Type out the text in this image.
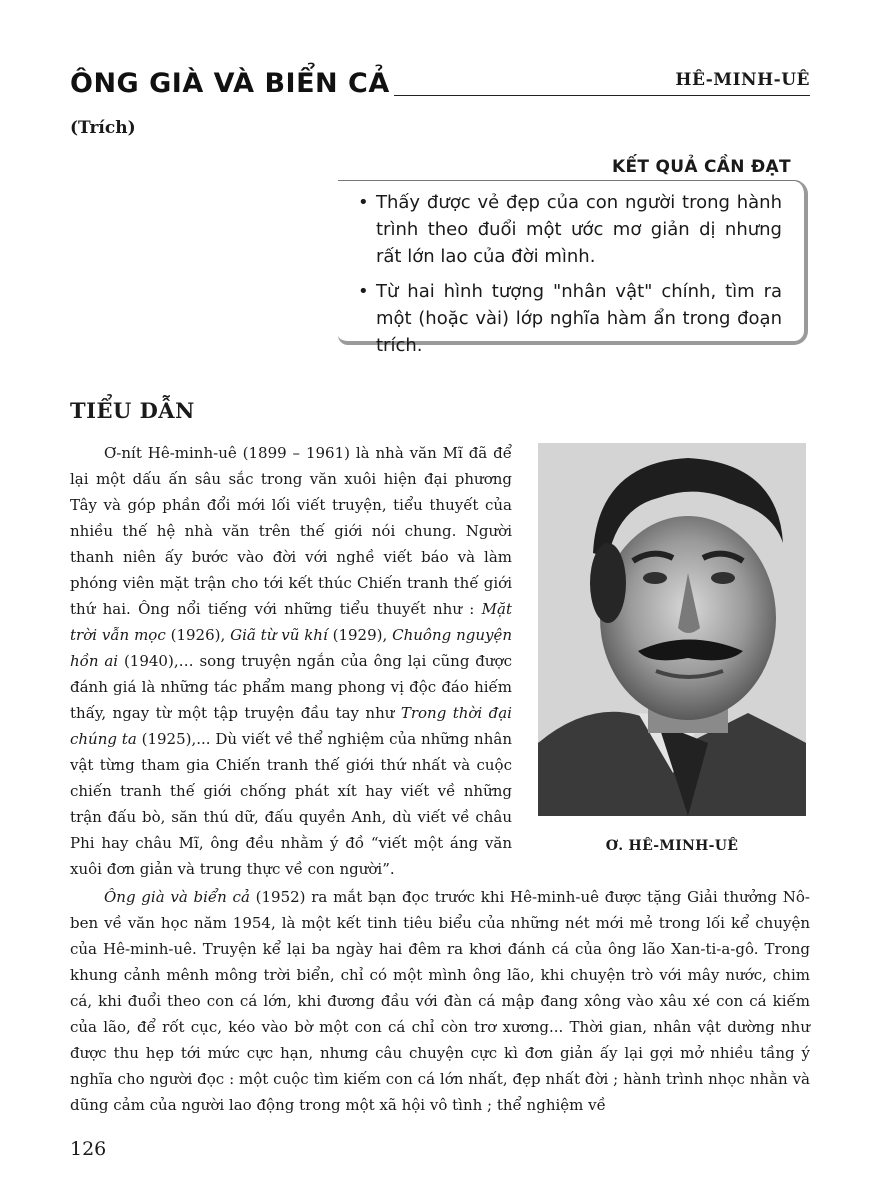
ÔNG GIÀ VÀ BIỂN CẢ	HÊ-MINH-UÊ
(Trích)
KẾT QUẢ CẦN ĐẠT
• Thấy được vẻ đẹp của con người trong hành trình theo đuổi một ước mơ giản dị nhưng rất lớn lao của đời mình.
• Từ hai hình tượng "nhân vật" chính, tìm ra một (hoặc vài) lớp nghĩa hàm ẩn trong đoạn trích.
TIỂU DẪN

Ơ-nít Hê-minh-uê (1899 – 1961) là nhà văn Mĩ đã để lại một dấu ấn sâu sắc trong văn xuôi hiện đại phương Tây và góp phần đổi mới lối viết truyện, tiểu thuyết của nhiều thế hệ nhà văn trên thế giới nói chung. Người thanh niên ấy bước vào đời với nghề viết báo và làm phóng viên mặt trận cho tới kết thúc Chiến tranh thế giới thứ hai. Ông nổi tiếng với những tiểu thuyết như : Mặt trời vẫn mọc (1926), Giã từ vũ khí (1929), Chuông nguyện hồn ai (1940),… song truyện ngắn của ông lại cũng được đánh giá là những tác phẩm mang phong vị độc đáo hiếm thấy, ngay từ một tập truyện đầu tay như Trong thời đại chúng ta (1925),... Dù viết về thể nghiệm của những nhân vật từng tham gia Chiến tranh thế giới thứ nhất và cuộc chiến tranh thế giới chống phát xít hay viết về những trận đấu bò, săn thú dữ, đấu quyền Anh, dù viết về châu Phi hay châu Mĩ, ông đều nhằm ý đồ “viết một áng văn xuôi đơn giản và trung thực về con người”.

Ơ. HÊ-MINH-UÊ

Ông già và biển cả (1952) ra mắt bạn đọc trước khi Hê-minh-uê được tặng Giải thưởng Nô-ben về văn học năm 1954, là một kết tinh tiêu biểu của những nét mới mẻ trong lối kể chuyện của Hê-minh-uê. Truyện kể lại ba ngày hai đêm ra khơi đánh cá của ông lão Xan-ti-a-gô. Trong khung cảnh mênh mông trời biển, chỉ có một mình ông lão, khi chuyện trò với mây nước, chim cá, khi đuổi theo con cá lớn, khi đương đầu với đàn cá mập đang xông vào xâu xé con cá kiếm của lão, để rốt cục, kéo vào bờ một con cá chỉ còn trơ xương... Thời gian, nhân vật dường như được thu hẹp tới mức cực hạn, nhưng câu chuyện cực kì đơn giản ấy lại gợi mở nhiều tầng ý nghĩa cho người đọc : một cuộc tìm kiếm con cá lớn nhất, đẹp nhất đời ; hành trình nhọc nhằn và dũng cảm của người lao động trong một xã hội vô tình ; thể nghiệm về

126
